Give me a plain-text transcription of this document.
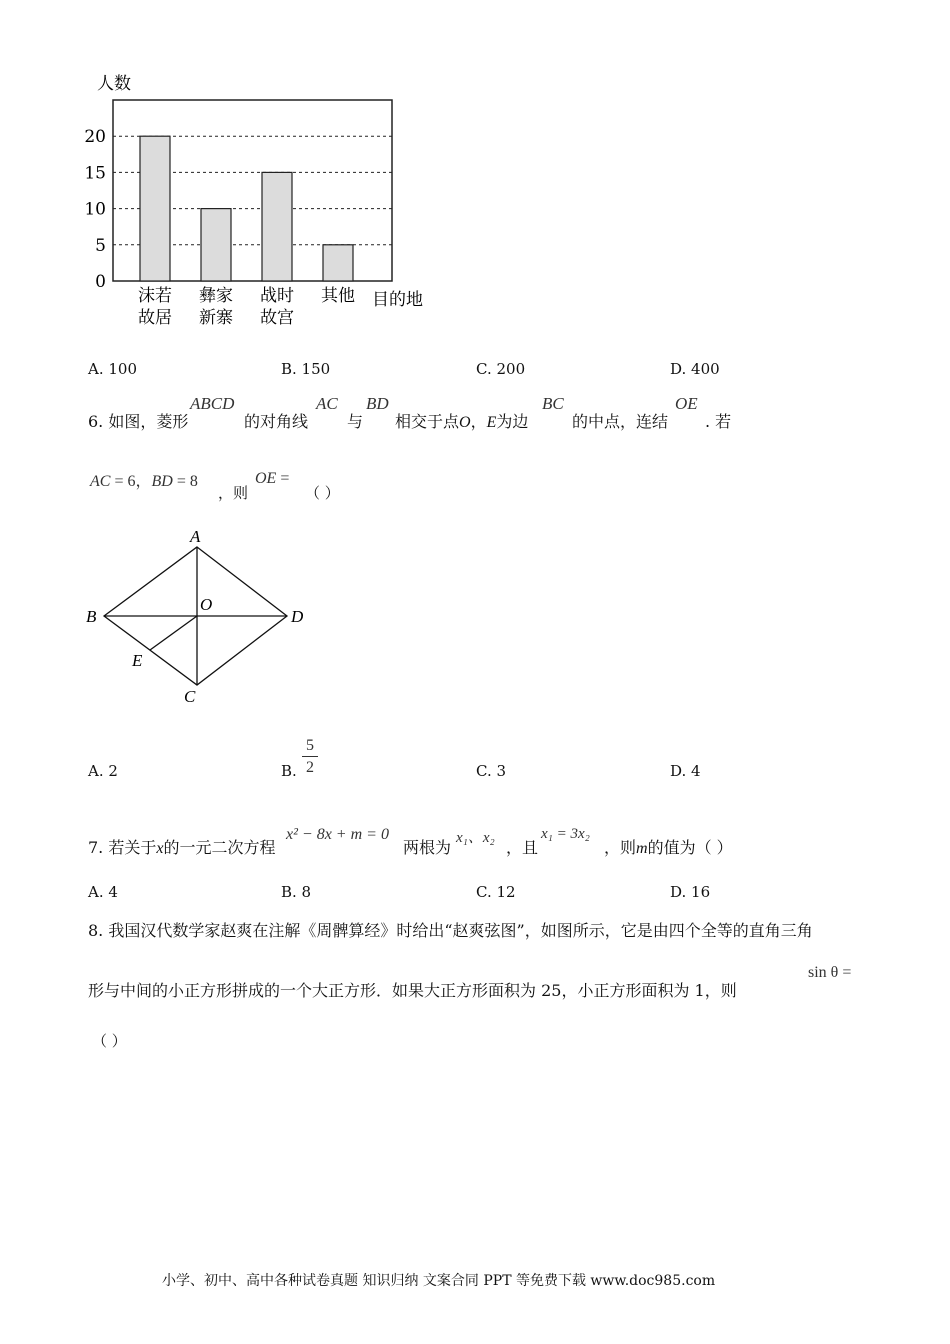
人数
0
5
10
15
20
沫若
故居
彝家
新寨
战时
故宫
其他 目的地
A. 100	B. 150	C. 200	D. 400
6. 如图，菱形
ABCD
的对角线
AC
与
BD
相交于点O，E为边
BC
的中点，连结
OE
. 若
AC = 6，BD = 8
，则
OE =
（ ）
A
B
O
D
E
C
A. 2	B.
5
2	C. 3	D. 4
7. 若关于x的一元二次方程
x² − 8x + m = 0
两根为 x₁、x₂ ，且
x₁ = 3x₂
，则m的值为（ ）
A. 4	B. 8	C. 12	D. 16
8. 我国汉代数学家赵爽在注解《周髀算经》时给出“赵爽弦图”，如图所示，它是由四个全等的直角三角
形与中间的小正方形拼成的一个大正方形．如果大正方形面积为 25，小正方形面积为 1，则
sin θ =
（ ）
小学、初中、高中各种试卷真题 知识归纳 文案合同 PPT 等免费下载 www.doc985.com
